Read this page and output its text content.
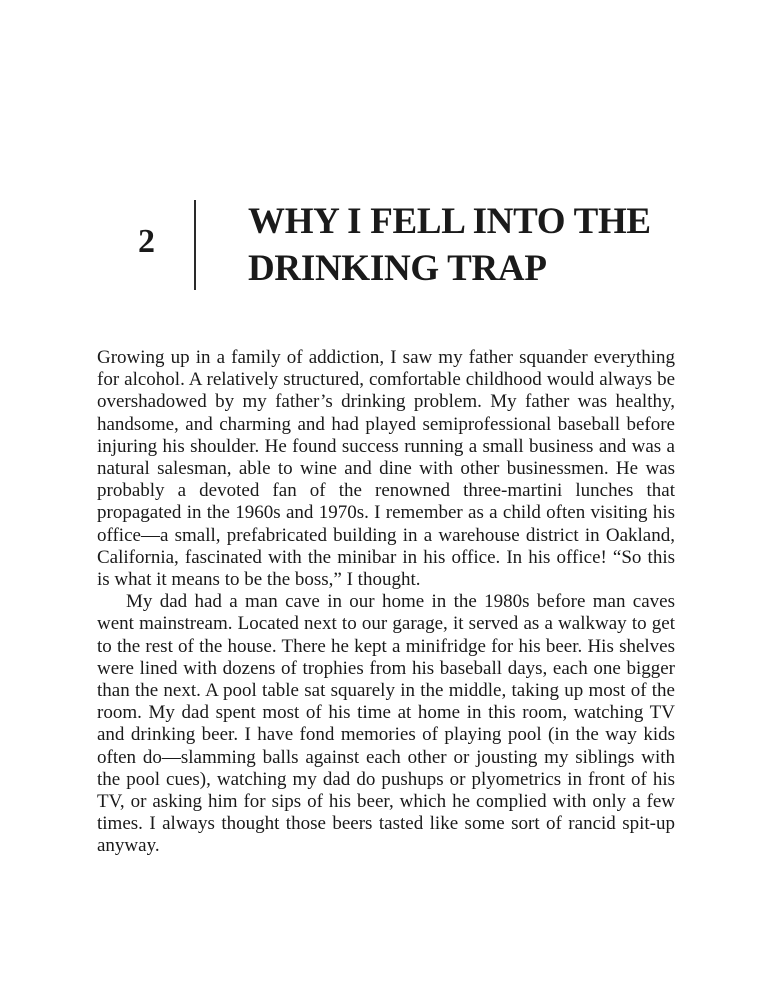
2	WHY I FELL INTO THE
DRINKING TRAP

Growing up in a family of addiction, I saw my father squander everything for alcohol. A relatively structured, comfortable childhood would always be overshadowed by my father’s drinking problem. My father was healthy, handsome, and charming and had played semiprofessional baseball before injuring his shoulder. He found success running a small business and was a natural salesman, able to wine and dine with other businessmen. He was probably a devoted fan of the renowned three-martini lunches that propagated in the 1960s and 1970s. I remember as a child often visiting his office—a small, prefabricated building in a warehouse district in Oakland, California, fascinated with the minibar in his office. In his office! “So this is what it means to be the boss,” I thought.

My dad had a man cave in our home in the 1980s before man caves went mainstream. Located next to our garage, it served as a walkway to get to the rest of the house. There he kept a minifridge for his beer. His shelves were lined with dozens of trophies from his baseball days, each one bigger than the next. A pool table sat squarely in the middle, taking up most of the room. My dad spent most of his time at home in this room, watching TV and drinking beer. I have fond memories of playing pool (in the way kids often do—slamming balls against each other or jousting my siblings with the pool cues), watching my dad do pushups or plyometrics in front of his TV, or asking him for sips of his beer, which he complied with only a few times. I always thought those beers tasted like some sort of rancid spit-up anyway.
